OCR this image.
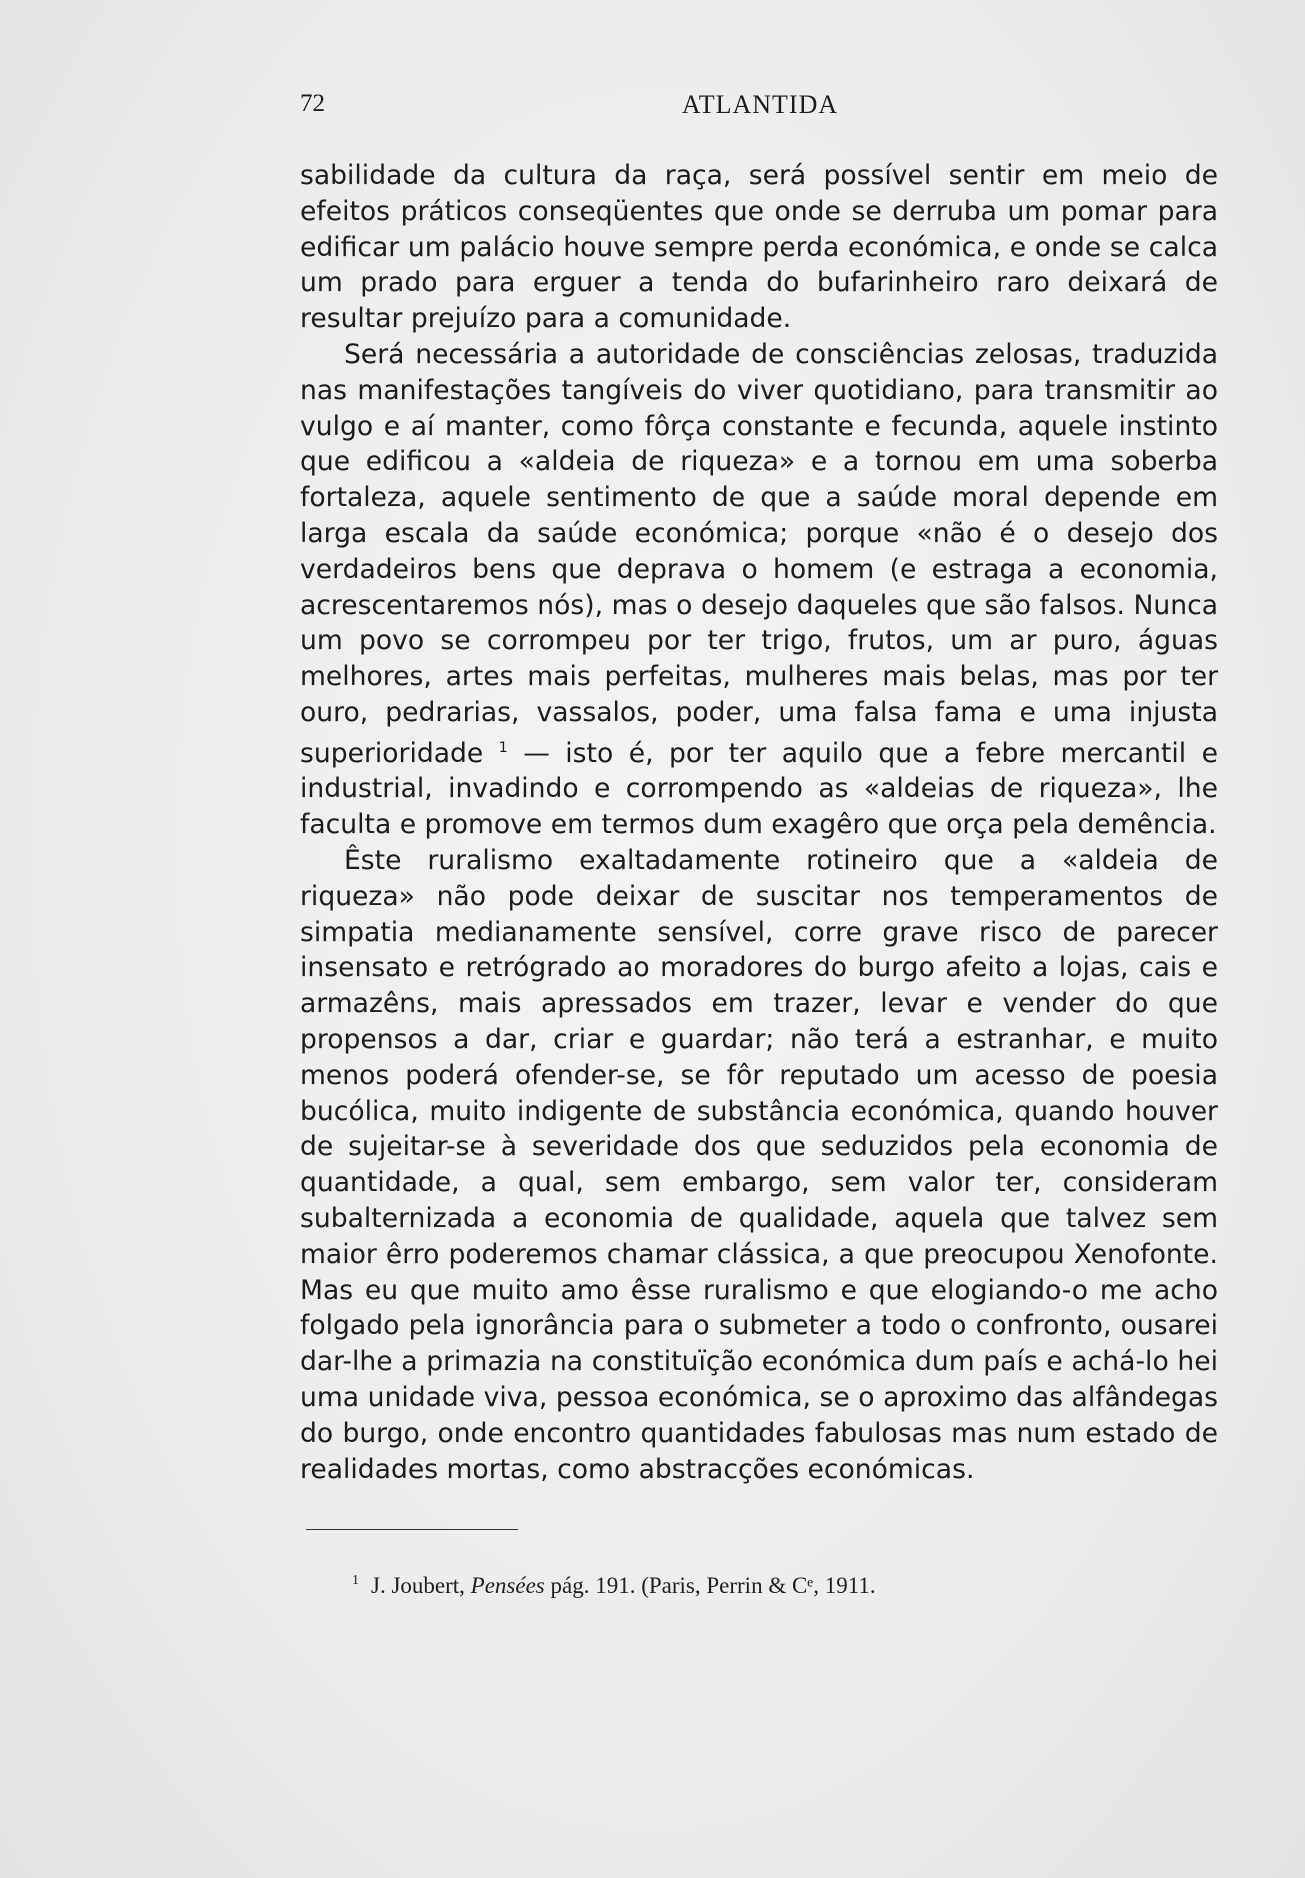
72	ATLANTIDA

sabilidade da cultura da raça, será possível sentir em meio de efeitos práticos conseqüentes que onde se derruba um pomar para edificar um palácio houve sempre perda económica, e onde se calca um prado para erguer a tenda do bufarinheiro raro deixará de resultar prejuízo para a comunidade.

Será necessária a autoridade de consciências zelosas, traduzida nas manifestações tangíveis do viver quotidiano, para transmitir ao vulgo e aí manter, como fôrça constante e fecunda, aquele instinto que edificou a «aldeia de riqueza» e a tornou em uma soberba fortaleza, aquele sentimento de que a saúde moral depende em larga escala da saúde económica; porque «não é o desejo dos verdadeiros bens que deprava o homem (e estraga a economia, acrescentaremos nós), mas o desejo daqueles que são falsos. Nunca um povo se corrompeu por ter trigo, frutos, um ar puro, águas melhores, artes mais perfeitas, mulheres mais belas, mas por ter ouro, pedrarias, vassalos, poder, uma falsa fama e uma injusta superioridade $^1$ — isto é, por ter aquilo que a febre mercantil e industrial, invadindo e corrompendo as «aldeias de riqueza», lhe faculta e promove em termos dum exagêro que orça pela demência.

Êste ruralismo exaltadamente rotineiro que a «aldeia de riqueza» não pode deixar de suscitar nos temperamentos de simpatia medianamente sensível, corre grave risco de parecer insensato e retrógrado ao moradores do burgo afeito a lojas, cais e armazêns, mais apressados em trazer, levar e vender do que propensos a dar, criar e guardar; não terá a estranhar, e muito menos poderá ofender-se, se fôr reputado um acesso de poesia bucólica, muito indigente de substância económica, quando houver de sujeitar-se à severidade dos que seduzidos pela economia de quantidade, a qual, sem embargo, sem valor ter, consideram subalternizada a economia de qualidade, aquela que talvez sem maior êrro poderemos chamar clássica, a que preocupou Xenofonte. Mas eu que muito amo êsse ruralismo e que elogiando-o me acho folgado pela ignorância para o submeter a todo o confronto, ousarei dar-lhe a primazia na constituïção económica dum país e achá-lo hei uma unidade viva, pessoa económica, se o aproximo das alfândegas do burgo, onde encontro quantidades fabulosas mas num estado de realidades mortas, como abstracções económicas.

$^1$ J. Joubert, Pensées pág. 191. (Paris, Perrin & Cᵉ, 1911.
